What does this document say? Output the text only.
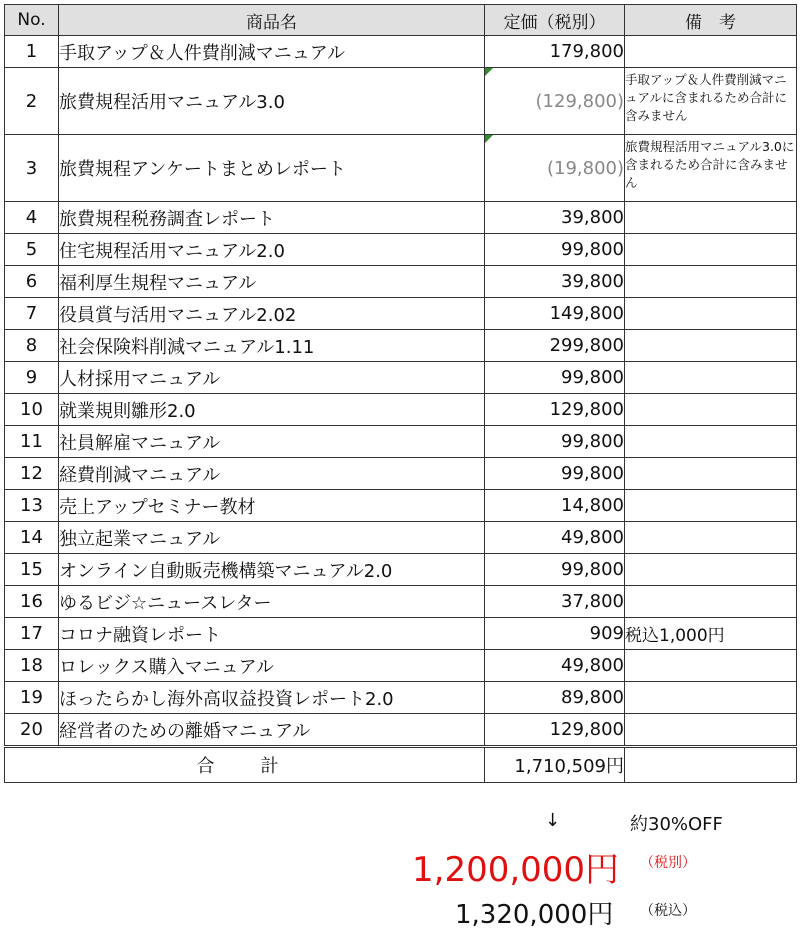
No.	商品名	定価（税別）	備　考
1	手取アップ＆人件費削減マニュアル	179,800	
2	旅費規程活用マニュアル3.0	(129,800)	手取アップ＆人件費削減マニュアルに含まれるため合計に含みません
3	旅費規程アンケートまとめレポート	(19,800)	旅費規程活用マニュアル3.0に含まれるため合計に含みません
4	旅費規程税務調査レポート	39,800	
5	住宅規程活用マニュアル2.0	99,800	
6	福利厚生規程マニュアル	39,800	
7	役員賞与活用マニュアル2.02	149,800	
8	社会保険料削減マニュアル1.11	299,800	
9	人材採用マニュアル	99,800	
10	就業規則雛形2.0	129,800	
11	社員解雇マニュアル	99,800	
12	経費削減マニュアル	99,800	
13	売上アップセミナー教材	14,800	
14	独立起業マニュアル	49,800	
15	オンライン自動販売機構築マニュアル2.0	99,800	
16	ゆるビジ☆ニュースレター	37,800	
17	コロナ融資レポート	909	税込1,000円
18	ロレックス購入マニュアル	49,800	
19	ほったらかし海外高収益投資レポート2.0	89,800	
20	経営者のための離婚マニュアル	129,800	
合　計		1,710,509円	
↓	約30%OFF
1,200,000円 （税別）
1,320,000円 （税込）
